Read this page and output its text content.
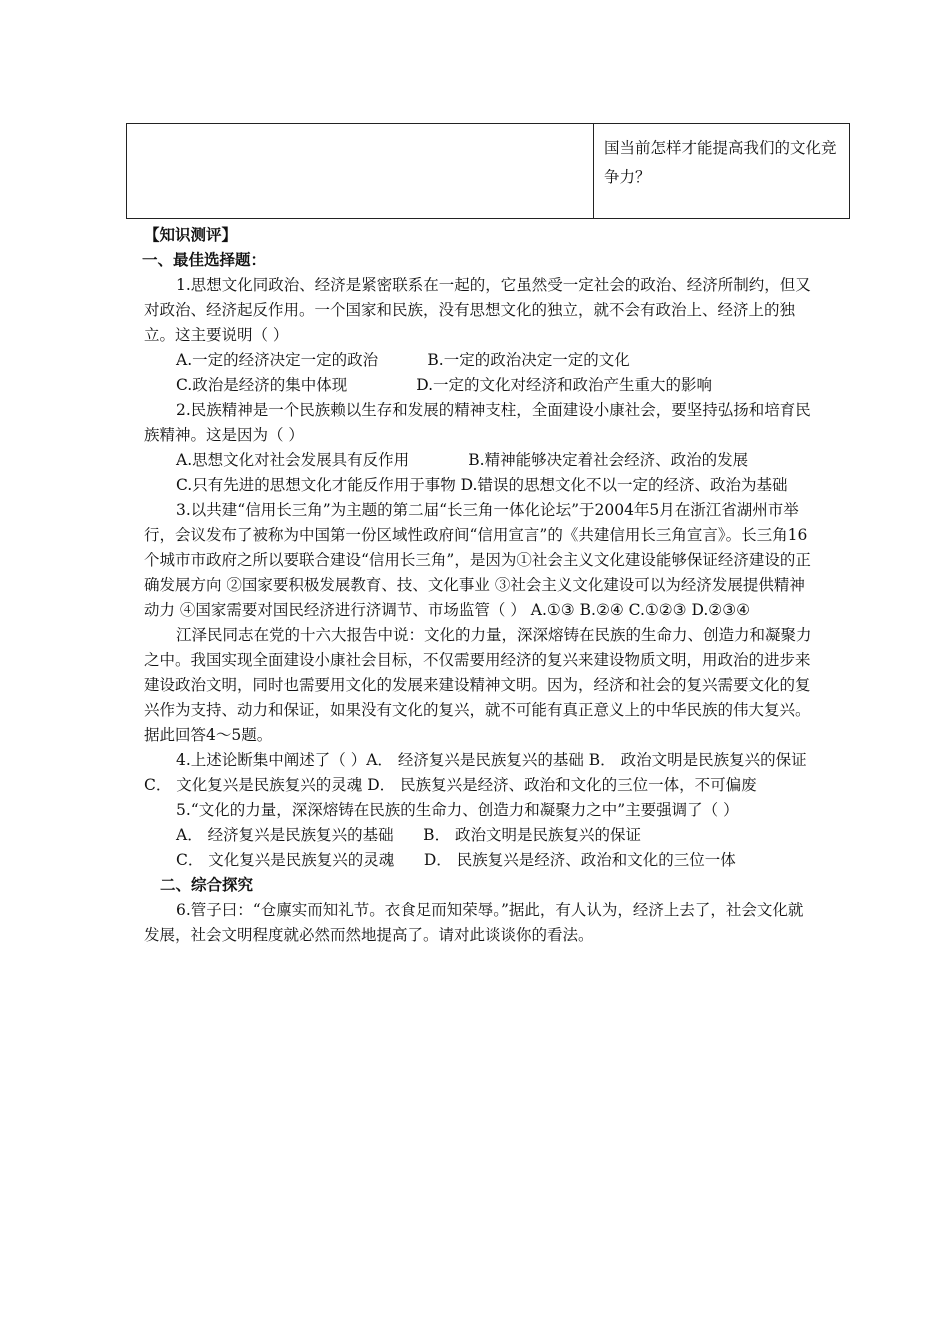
国当前怎样才能提高我们的文化竞争力？

【知识测评】

一、最佳选择题：

1.思想文化同政治、经济是紧密联系在一起的，它虽然受一定社会的政治、经济所制约，但又对政治、经济起反作用。一个国家和民族，没有思想文化的独立，就不会有政治上、经济上的独立。这主要说明（ ）

A.一定的经济决定一定的政治          B.一定的政治决定一定的文化

C.政治是经济的集中体现              D.一定的文化对经济和政治产生重大的影响

2.民族精神是一个民族赖以生存和发展的精神支柱，全面建设小康社会，要坚持弘扬和培育民族精神。这是因为（ ）

A.思想文化对社会发展具有反作用            B.精神能够决定着社会经济、政治的发展

C.只有先进的思想文化才能反作用于事物 D.错误的思想文化不以一定的经济、政治为基础

3.以共建“信用长三角”为主题的第二届“长三角一体化论坛”于2004年5月在浙江省湖州市举行，会议发布了被称为中国第一份区域性政府间“信用宣言”的《共建信用长三角宣言》。长三角16个城市市政府之所以要联合建设“信用长三角”，是因为①社会主义文化建设能够保证经济建设的正确发展方向 ②国家要积极发展教育、技、文化事业 ③社会主义文化建设可以为经济发展提供精神动力 ④国家需要对国民经济进行济调节、市场监管（ ） A.①③ B.②④ C.①②③ D.②③④

江泽民同志在党的十六大报告中说：文化的力量，深深熔铸在民族的生命力、创造力和凝聚力之中。我国实现全面建设小康社会目标，不仅需要用经济的复兴来建设物质文明，用政治的进步来建设政治文明，同时也需要用文化的发展来建设精神文明。因为，经济和社会的复兴需要文化的复兴作为支持、动力和保证，如果没有文化的复兴，就不可能有真正意义上的中华民族的伟大复兴。据此回答4～5题。

4.上述论断集中阐述了（ ）A． 经济复兴是民族复兴的基础 B． 政治文明是民族复兴的保证C． 文化复兴是民族复兴的灵魂 D． 民族复兴是经济、政治和文化的三位一体，不可偏废

5.“文化的力量，深深熔铸在民族的生命力、创造力和凝聚力之中”主要强调了（ ）

A． 经济复兴是民族复兴的基础      B． 政治文明是民族复兴的保证

C． 文化复兴是民族复兴的灵魂      D． 民族复兴是经济、政治和文化的三位一体

二、综合探究

6.管子曰：“仓廪实而知礼节。衣食足而知荣辱。”据此，有人认为，经济上去了，社会文化就发展，社会文明程度就必然而然地提高了。请对此谈谈你的看法。
